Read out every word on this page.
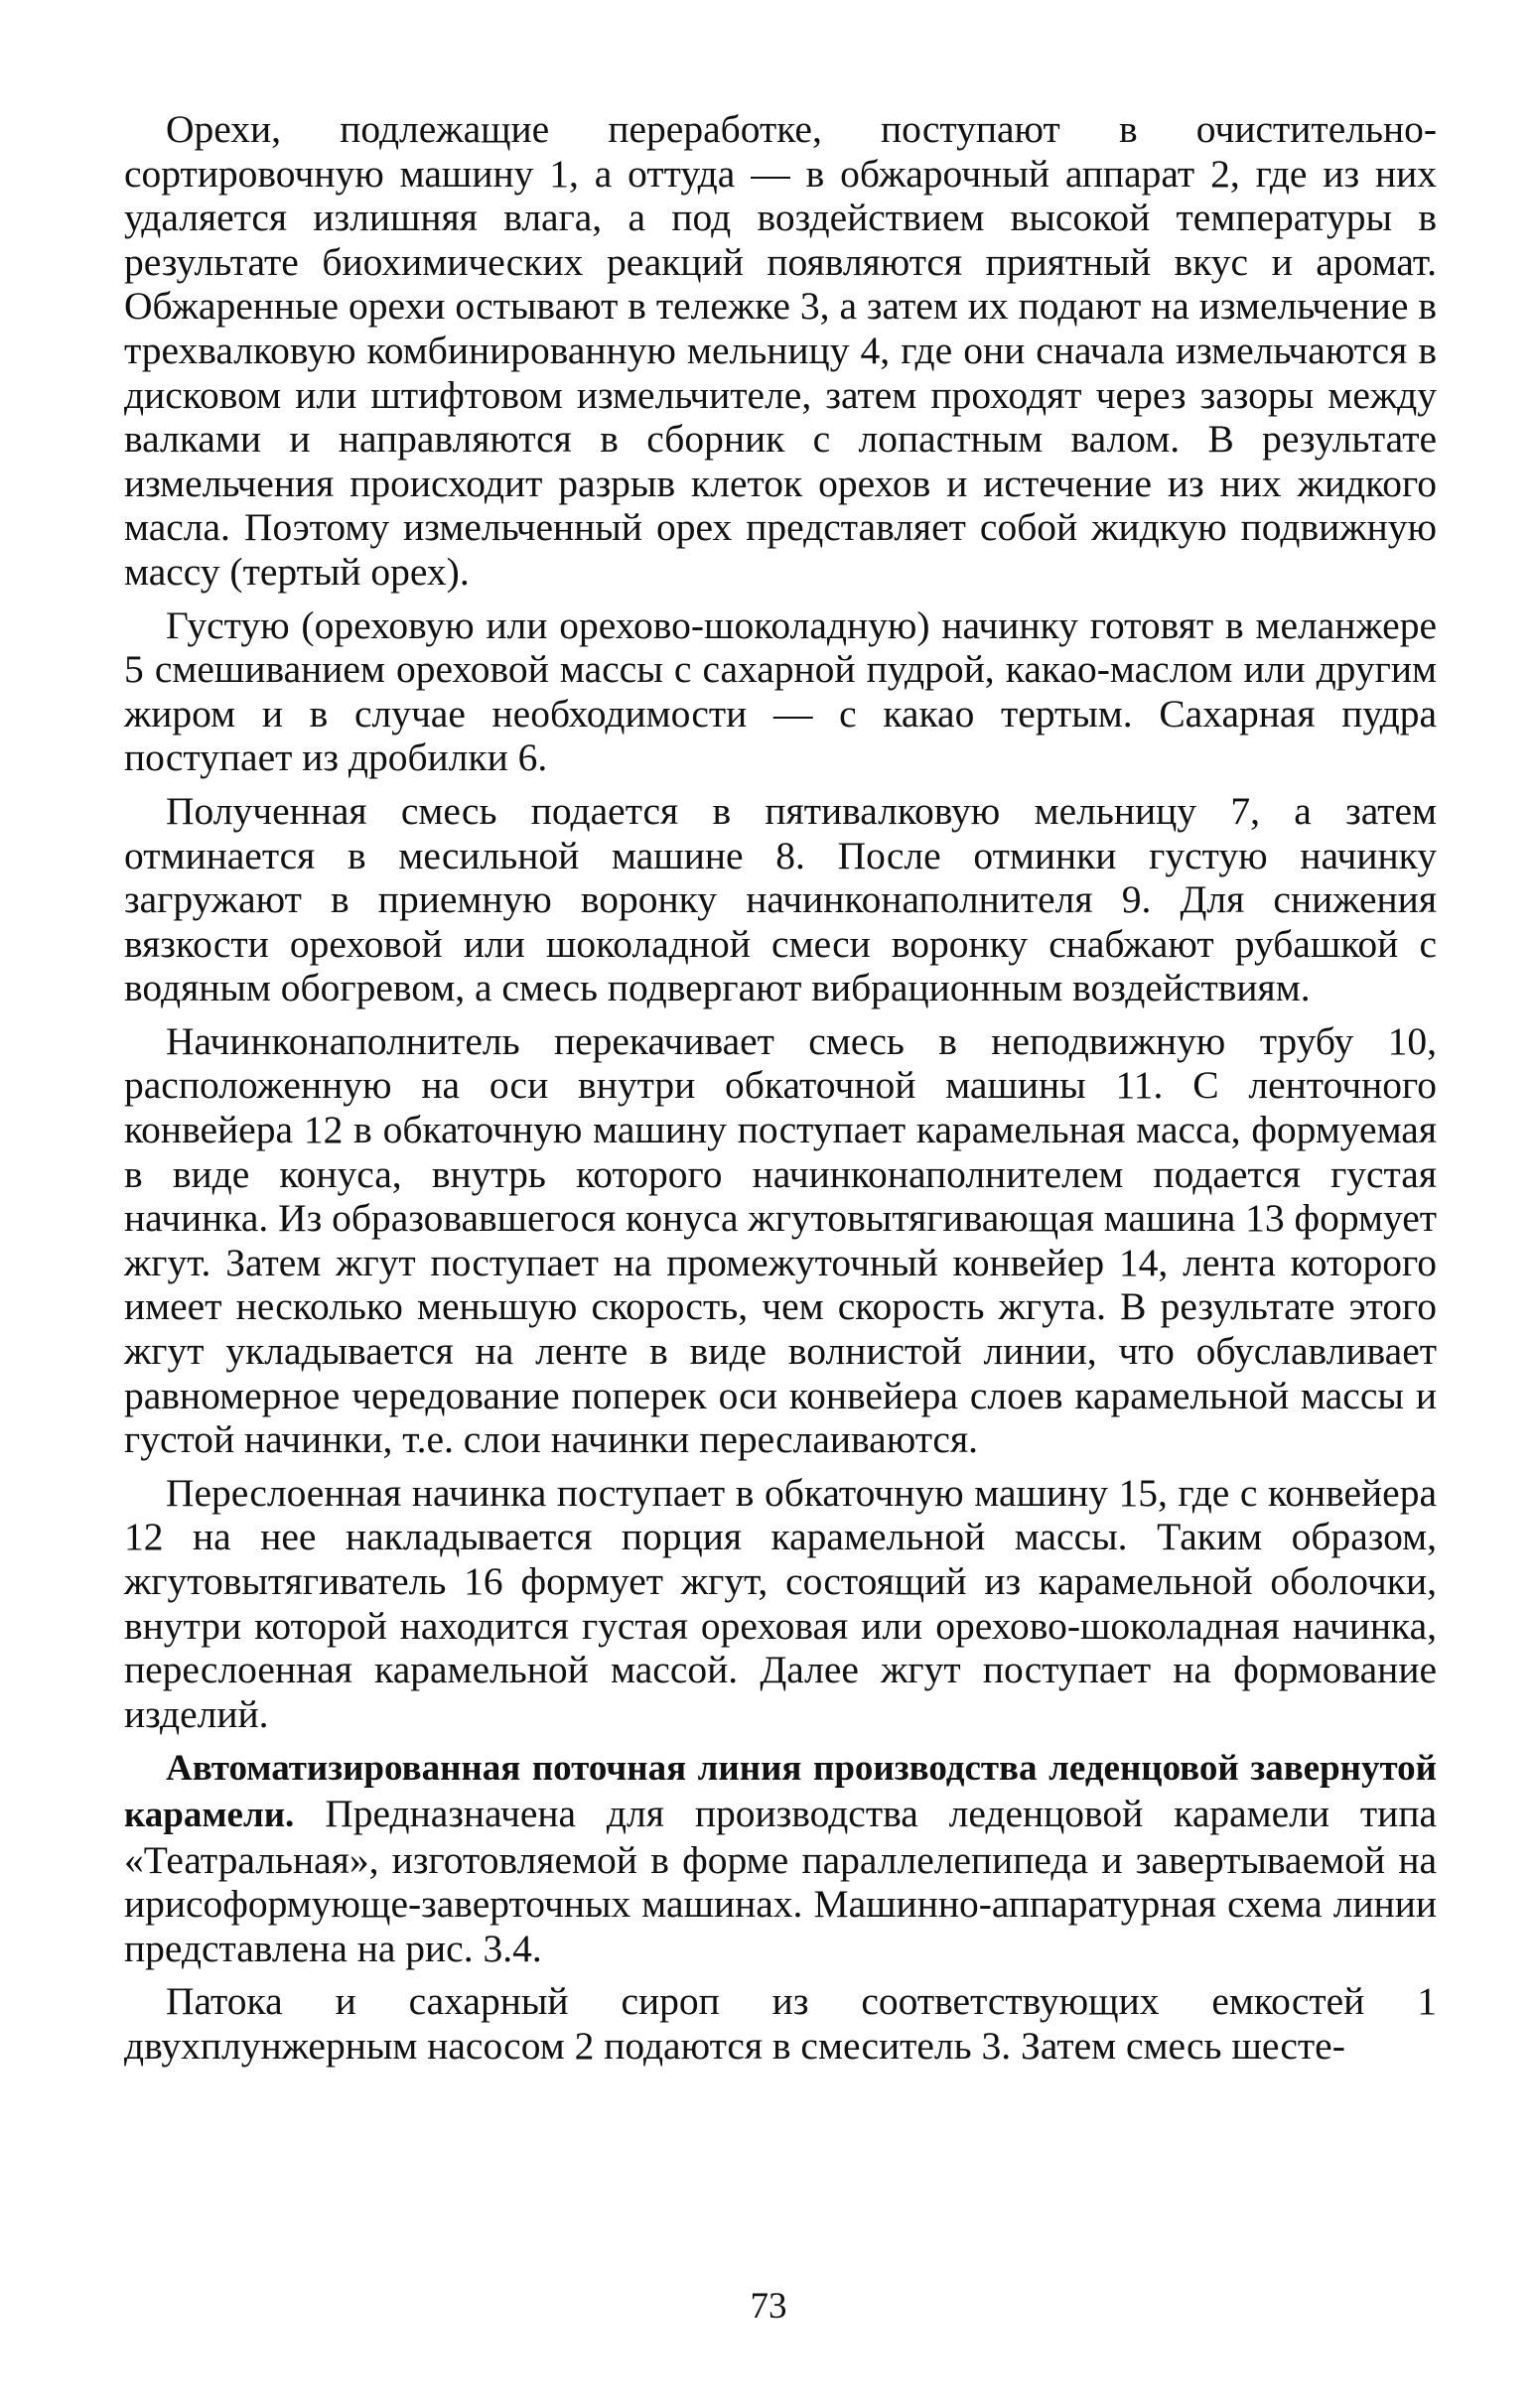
Орехи, подлежащие переработке, поступают в очистительно-сортировочную машину 1, а оттуда — в обжарочный аппарат 2, где из них удаляется излишняя влага, а под воздействием высокой температуры в результате биохимических реакций появляются приятный вкус и аромат. Обжаренные орехи остывают в тележке 3, а затем их подают на измельчение в трехвалковую комбинированную мельницу 4, где они сначала измельчаются в дисковом или штифтовом измельчителе, затем проходят через зазоры между валками и направляются в сборник с лопастным валом. В результате измельчения происходит разрыв клеток орехов и истечение из них жидкого масла. Поэтому измельченный орех представляет собой жидкую подвижную массу (тертый орех).

Густую (ореховую или орехово-шоколадную) начинку готовят в меланжере 5 смешиванием ореховой массы с сахарной пудрой, какао-маслом или другим жиром и в случае необходимости — с какао тертым. Сахарная пудра поступает из дробилки 6.

Полученная смесь подается в пятивалковую мельницу 7, а затем отминается в месильной машине 8. После отминки густую начинку загружают в приемную воронку начинконаполнителя 9. Для снижения вязкости ореховой или шоколадной смеси воронку снабжают рубашкой с водяным обогревом, а смесь подвергают вибрационным воздействиям.

Начинконаполнитель перекачивает смесь в неподвижную трубу 10, расположенную на оси внутри обкаточной машины 11. С ленточного конвейера 12 в обкаточную машину поступает карамельная масса, формуемая в виде конуса, внутрь которого начинконаполнителем подается густая начинка. Из образовавшегося конуса жгутовытягивающая машина 13 формует жгут. Затем жгут поступает на промежуточный конвейер 14, лента которого имеет несколько меньшую скорость, чем скорость жгута. В результате этого жгут укладывается на ленте в виде волнистой линии, что обуславливает равномерное чередование поперек оси конвейера слоев карамельной массы и густой начинки, т.е. слои начинки переслаиваются.

Переслоенная начинка поступает в обкаточную машину 15, где с конвейера 12 на нее накладывается порция карамельной массы. Таким образом, жгутовытягиватель 16 формует жгут, состоящий из карамельной оболочки, внутри которой находится густая ореховая или орехово-шоколадная начинка, переслоенная карамельной массой. Далее жгут поступает на формование изделий.

Автоматизированная поточная линия производства леденцовой завернутой карамели. Предназначена для производства леденцовой карамели типа «Театральная», изготовляемой в форме параллелепипеда и завертываемой на ирисоформующе-заверточных машинах. Машинно-аппаратурная схема линии представлена на рис. 3.4.

Патока и сахарный сироп из соответствующих емкостей 1 двухплунжерным насосом 2 подаются в смеситель 3. Затем смесь шесте-

73
